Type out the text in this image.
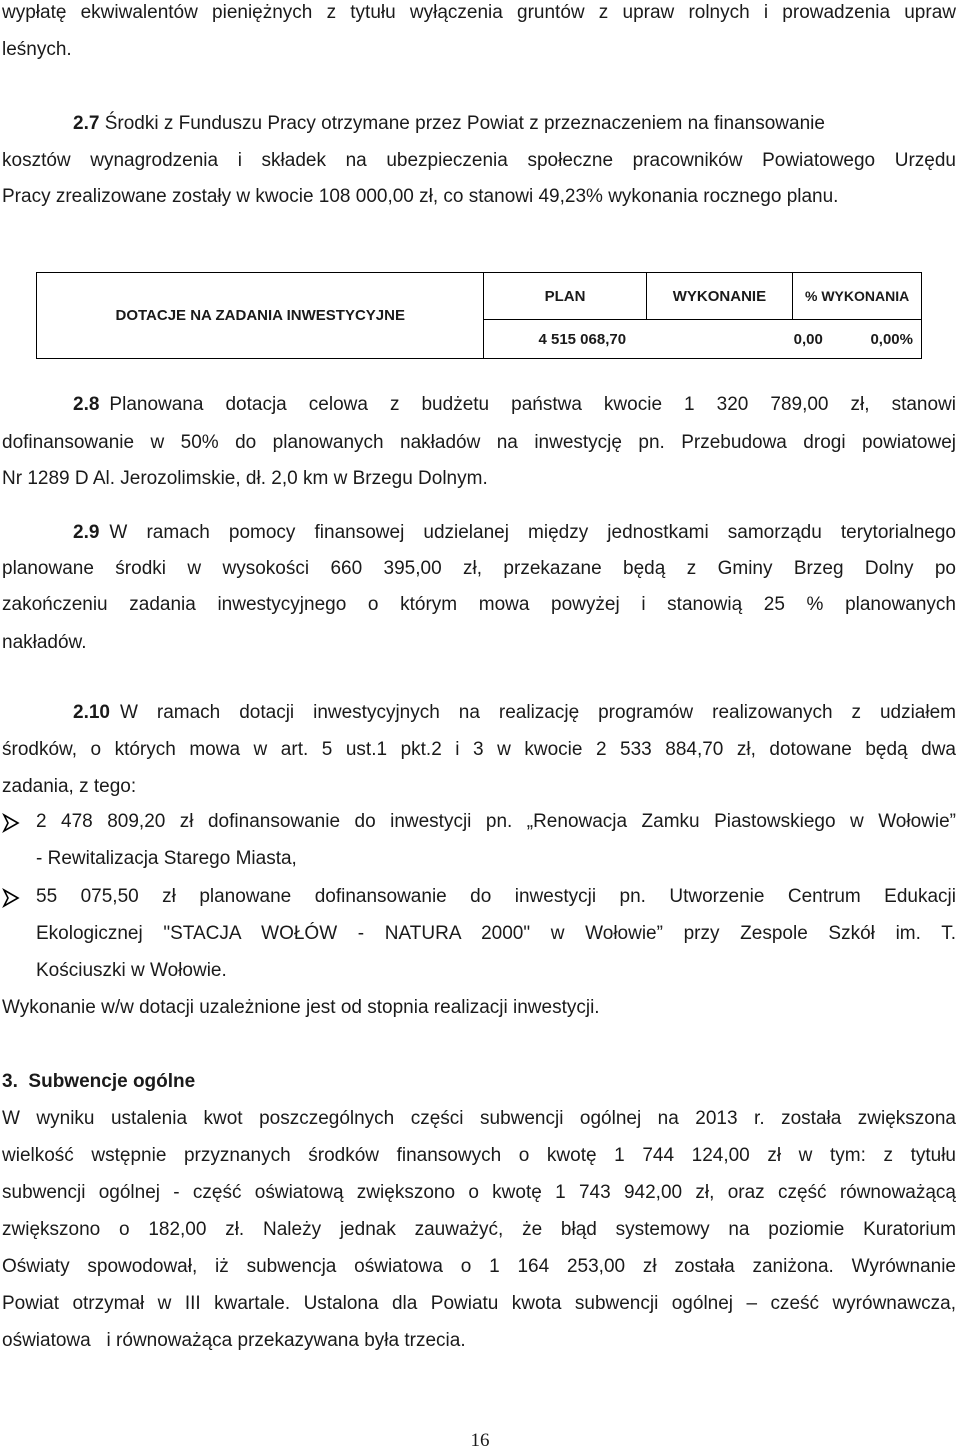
wypłatę ekwiwalentów pieniężnych z tytułu wyłączenia gruntów z upraw rolnych i prowadzenia upraw
leśnych.
2.7 Środki z Funduszu Pracy otrzymane przez Powiat z przeznaczeniem na finansowanie
kosztów wynagrodzenia i składek na ubezpieczenia społeczne pracowników Powiatowego Urzędu
Pracy zrealizowane zostały w kwocie 108 000,00 zł, co stanowi 49,23% wykonania rocznego planu.
DOTACJE NA ZADANIA INWESTYCYJNE	PLAN	WYKONANIE	% WYKONANIA

4 515 068,70	0,00	0,00%
2.8 Planowana dotacja celowa z budżetu państwa kwocie 1 320 789,00 zł, stanowi
dofinansowanie w 50% do planowanych nakładów na inwestycję pn. Przebudowa drogi powiatowej
Nr 1289 D Al. Jerozolimskie, dł. 2,0 km w Brzegu Dolnym.
2.9 W ramach pomocy finansowej udzielanej między jednostkami samorządu terytorialnego
planowane środki w wysokości 660 395,00 zł, przekazane będą z Gminy Brzeg Dolny po
zakończeniu zadania inwestycyjnego o którym mowa powyżej i stanowią 25 % planowanych
nakładów.
2.10 W ramach dotacji inwestycyjnych na realizację programów realizowanych z udziałem
środków, o których mowa w art. 5 ust.1 pkt.2 i 3 w kwocie 2 533 884,70 zł, dotowane będą dwa
zadania, z tego:
2 478 809,20 zł dofinansowanie do inwestycji pn. „Renowacja Zamku Piastowskiego w Wołowie”
- Rewitalizacja Starego Miasta,
55 075,50 zł planowane dofinansowanie do inwestycji pn. Utworzenie Centrum Edukacji
Ekologicznej "STACJA WOŁÓW - NATURA 2000" w Wołowie” przy Zespole Szkół im. T.
Kościuszki w Wołowie.
Wykonanie w/w dotacji uzależnione jest od stopnia realizacji inwestycji.
3. Subwencje ogólne
W wyniku ustalenia kwot poszczególnych części subwencji ogólnej na 2013 r. została zwiększona
wielkość wstępnie przyznanych środków finansowych o kwotę 1 744 124,00 zł w tym: z tytułu
subwencji ogólnej - część oświatową zwiększono o kwotę 1 743 942,00 zł, oraz część równoważącą
zwiększono o 182,00 zł. Należy jednak zauważyć, że błąd systemowy na poziomie Kuratorium
Oświaty spowodował, iż subwencja oświatowa o 1 164 253,00 zł została zaniżona. Wyrównanie
Powiat otrzymał w III kwartale. Ustalona dla Powiatu kwota subwencji ogólnej – cześć wyrównawcza,
oświatowa   i równoważąca przekazywana była trzecia.
16
